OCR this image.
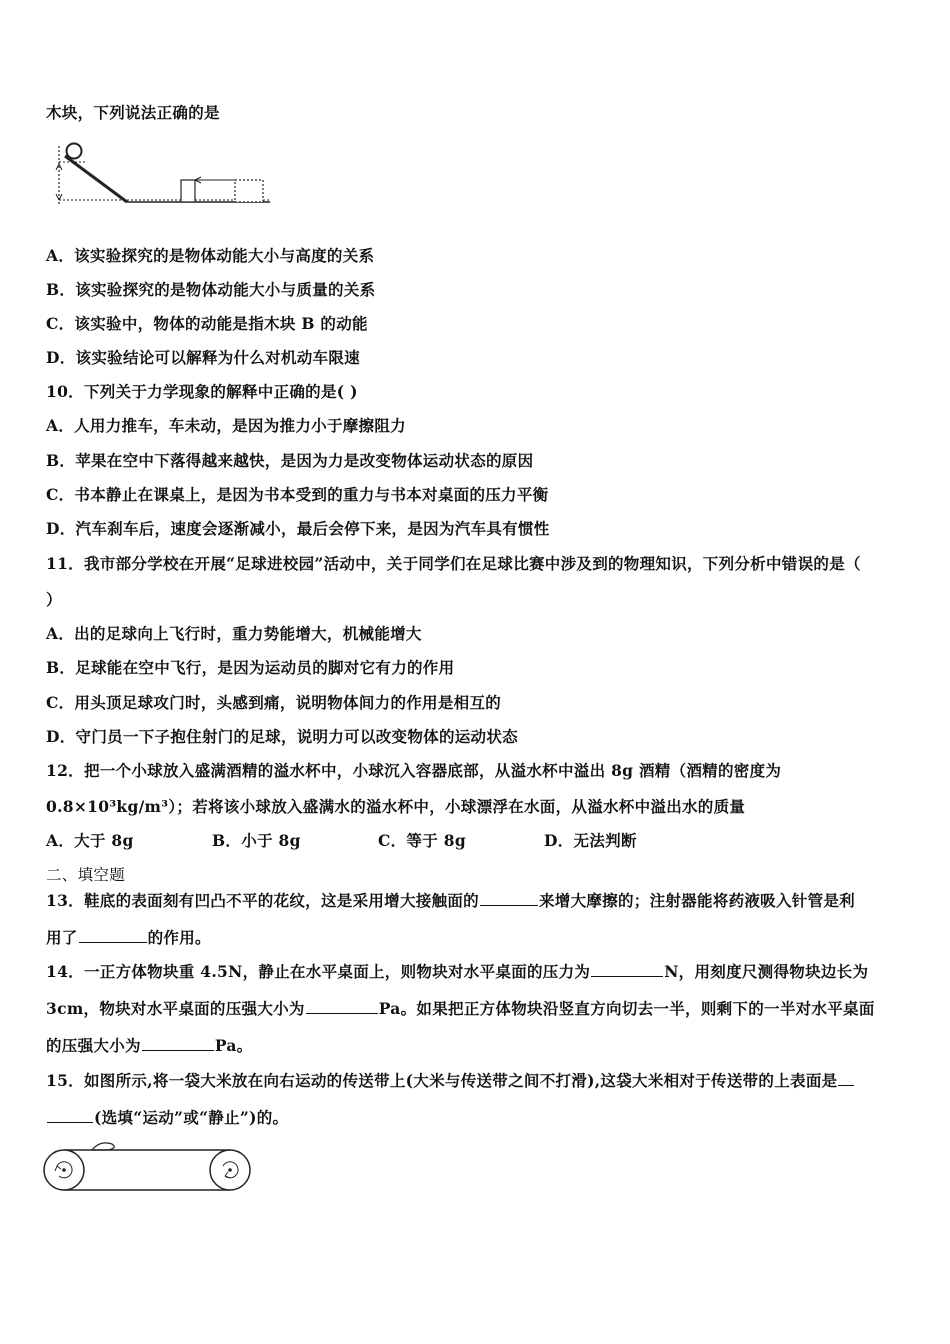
木块，下列说法正确的是
A．该实验探究的是物体动能大小与高度的关系
B．该实验探究的是物体动能大小与质量的关系
C．该实验中，物体的动能是指木块 B 的动能
D．该实验结论可以解释为什么对机动车限速
10．下列关于力学现象的解释中正确的是( )
A．人用力推车，车未动，是因为推力小于摩擦阻力
B．苹果在空中下落得越来越快，是因为力是改变物体运动状态的原因
C．书本静止在课桌上，是因为书本受到的重力与书本对桌面的压力平衡
D．汽车刹车后，速度会逐渐减小，最后会停下来，是因为汽车具有惯性
11．我市部分学校在开展“足球进校园”活动中，关于同学们在足球比赛中涉及到的物理知识，下列分析中错误的是（
）
A．出的足球向上飞行时，重力势能增大，机械能增大
B．足球能在空中飞行，是因为运动员的脚对它有力的作用
C．用头顶足球攻门时，头感到痛，说明物体间力的作用是相互的
D．守门员一下子抱住射门的足球，说明力可以改变物体的运动状态
12．把一个小球放入盛满酒精的溢水杯中，小球沉入容器底部，从溢水杯中溢出 8g 酒精（酒精的密度为
0.8×10³kg/m³）；若将该小球放入盛满水的溢水杯中，小球漂浮在水面，从溢水杯中溢出水的质量
A．大于 8g	B．小于 8g	C．等于 8g	D．无法判断
二、填空题
13．鞋底的表面刻有凹凸不平的花纹，这是采用增大接触面的	来增大摩擦的；注射器能将药液吸入针管是利
用了	的作用。
14．一正方体物块重 4.5N，静止在水平桌面上，则物块对水平桌面的压力为	N，用刻度尺测得物块边长为
3cm，物块对水平桌面的压强大小为	Pa。如果把正方体物块沿竖直方向切去一半，则剩下的一半对水平桌面
的压强大小为	Pa。
15．如图所示,将一袋大米放在向右运动的传送带上(大米与传送带之间不打滑),这袋大米相对于传送带的上表面是
(选填“运动”或“静止”)的。
